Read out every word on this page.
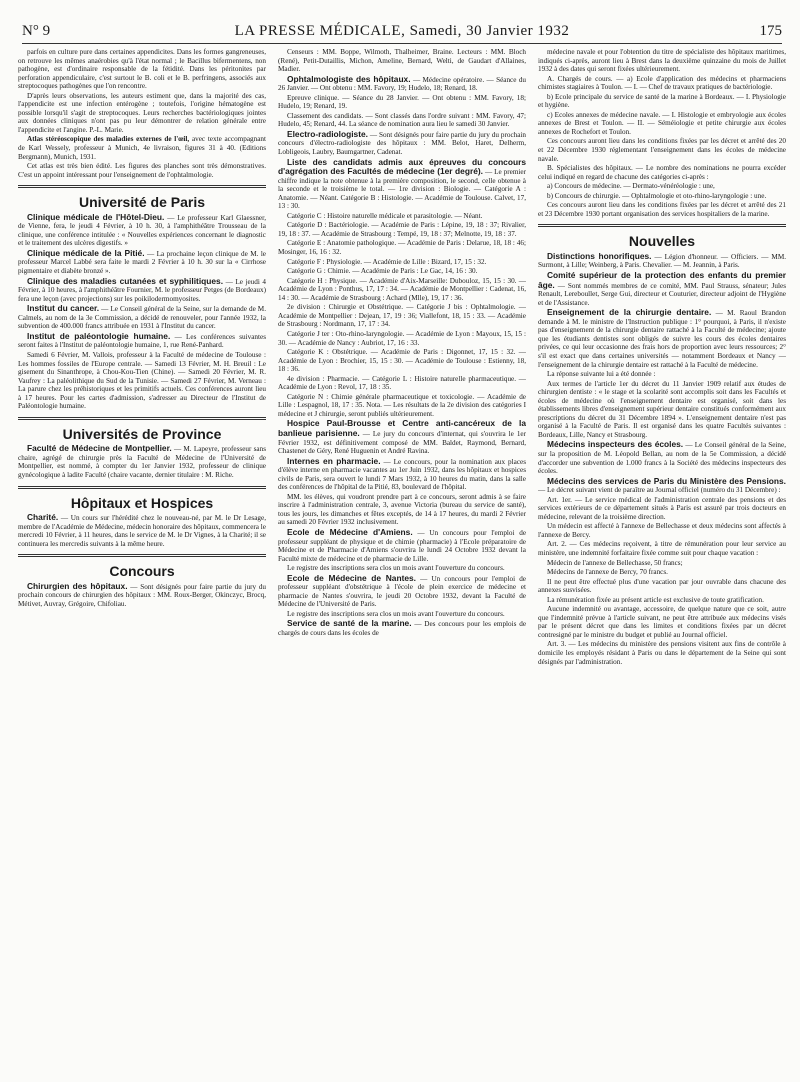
N° 9	LA PRESSE MÉDICALE, Samedi, 30 Janvier 1932	175

parfois en culture pure dans certaines appendicites. Dans les formes gangreneuses, on retrouve les mêmes anaérobies qu'à l'état normal ; le Bacillus bifermentens, non pathogène, est d'ordinaire responsable de la fétidité. Dans les péritonites par perforation appendiculaire, c'est surtout le B. coli et le B. perfringens, associés aux streptocoques pathogènes que l'on rencontre.

D'après leurs observations, les auteurs estiment que, dans la majorité des cas, l'appendicite est une infection entérogène ; toutefois, l'origine hématogène est possible lorsqu'il s'agit de streptocoques. Leurs recherches bactériologiques jointes aux données cliniques n'ont pas pu leur démontrer de relation générale entre l'appendicite et l'angine. P.-L. Marie.

Atlas stéréoscopique des maladies externes de l'œil, avec texte accompagnant de Karl Wessely, professeur à Munich, 4e livraison, figures 31 à 40. (Editions Bergmann), Munich, 1931.

Cet atlas est très bien édité. Les figures des planches sont très démonstratives. C'est un appoint intéressant pour l'enseignement de l'ophtalmologie.

Université de Paris

Clinique médicale de l'Hôtel-Dieu. — Le professeur Karl Glaessner, de Vienne, fera, le jeudi 4 Février, à 10 h. 30, à l'amphithéâtre Trousseau de la clinique, une conférence intitulée : « Nouvelles expériences concernant le diagnostic et le traitement des ulcères digestifs. »

Clinique médicale de la Pitié. — La prochaine leçon clinique de M. le professeur Marcel Labbé sera faite le mardi 2 Février à 10 h. 30 sur la « Cirrhose pigmentaire et diabète bronzé ».

Clinique des maladies cutanées et syphilitiques. — Le jeudi 4 Février, à 10 heures, à l'amphithéâtre Fournier, M. le professeur Petges (de Bordeaux) fera une leçon (avec projections) sur les poikilodermomyosites.

Institut du cancer. — Le Conseil général de la Seine, sur la demande de M. Calmels, au nom de la 3e Commission, a décidé de renouveler, pour l'année 1932, la subvention de 400.000 francs attribuée en 1931 à l'Institut du cancer.

Institut de paléontologie humaine. — Les conférences suivantes seront faites à l'Institut de paléontologie humaine, 1, rue René-Panhard.

Samedi 6 Février, M. Vallois, professeur à la Faculté de médecine de Toulouse : Les hommes fossiles de l'Europe centrale. — Samedi 13 Février, M. H. Breuil : Le gisement du Sinanthrope, à Chou-Kou-Tien (Chine). — Samedi 20 Février, M. R. Vaufrey : La paléolithique du Sud de la Tunisie. — Samedi 27 Février, M. Verneau : La parure chez les préhistoriques et les primitifs actuels. Ces conférences auront lieu à 17 heures. Pour les cartes d'admission, s'adresser au Directeur de l'Institut de Paléontologie humaine.

Universités de Province

Faculté de Médecine de Montpellier. — M. Lapeyre, professeur sans chaire, agrégé de chirurgie près la Faculté de Médecine de l'Université de Montpellier, est nommé, à compter du 1er Janvier 1932, professeur de clinique gynécologique à ladite Faculté (chaire vacante, dernier titulaire : M. Riche.

Hôpitaux et Hospices

Charité. — Un cours sur l'hérédité chez le nouveau-né, par M. le Dr Lesage, membre de l'Académie de Médecine, médecin honoraire des hôpitaux, commencera le mercredi 10 Février, à 11 heures, dans le service de M. le Dr Vignes, à la Charité; il se continuera les mercredis suivants à la même heure.

Concours

Chirurgien des hôpitaux. — Sont désignés pour faire partie du jury du prochain concours de chirurgien des hôpitaux : MM. Roux-Berger, Okinczyc, Brocq, Métivet, Auvray, Grégoire, Chifoliau.

Censeurs : MM. Boppe, Wilmoth, Thalheimer, Braine. Lecteurs : MM. Bloch (René), Petit-Dutaillis, Michon, Ameline, Bernard, Welti, de Gaudart d'Allaines, Madier.

Ophtalmologiste des hôpitaux. — Médecine opératoire. — Séance du 26 Janvier. — Ont obtenu : MM. Favory, 19; Hudelo, 18; Renard, 18.

Epreuve clinique. — Séance du 28 Janvier. — Ont obtenu : MM. Favory, 18; Hudelo, 19; Renard, 19.

Classement des candidats. — Sont classés dans l'ordre suivant : MM. Favory, 47; Hudelo, 45; Renard, 44. La séance de nomination aura lieu le samedi 30 Janvier.

Electro-radiologiste. — Sont désignés pour faire partie du jury du prochain concours d'électro-radiologiste des hôpitaux : MM. Belot, Haret, Delherm, Lobligeois, Laubry, Baumgartner, Cadenat.

Liste des candidats admis aux épreuves du concours d'agrégation des Facultés de médecine (1er degré). — Le premier chiffre indique la note obtenue à la première composition, le second, celle obtenue à la seconde et le troisième le total. — 1re division : Biologie. — Catégorie A : Anatomie. — Néant. Catégorie B : Histologie. — Académie de Toulouse. Calvet, 17, 13 : 30.

Catégorie C : Histoire naturelle médicale et parasitologie. — Néant.

Catégorie D : Bactériologie. — Académie de Paris : Lépine, 19, 18 : 37; Rivalier, 19, 18 : 37. — Académie de Strasbourg : Tempé, 19, 18 : 37; Melnotte, 19, 18 : 37.

Catégorie E : Anatomie pathologique. — Académie de Paris : Delarue, 18, 18 : 46; Mosinger, 16, 16 : 32.

Catégorie F : Physiologie. — Académie de Lille : Bizard, 17, 15 : 32.

Catégorie G : Chimie. — Académie de Paris : Le Gac, 14, 16 : 30.

Catégorie H : Physique. — Académie d'Aix-Marseille: Dubouloz, 15, 15 : 30. — Académie de Lyon : Ponthus, 17, 17 : 34. — Académie de Montpellier : Cadenat, 16, 14 : 30. — Académie de Strasbourg : Achard (Mlle), 19, 17 : 36.

2e division : Chirurgie et Obstétrique. — Catégorie J bis : Ophtalmologie. — Académie de Montpellier : Dejean, 17, 19 : 36; Viallefont, 18, 15 : 33. — Académie de Strasbourg : Nordmann, 17, 17 : 34.

Catégorie J ter : Oto-rhino-laryngologie. — Académie de Lyon : Mayoux, 15, 15 : 30. — Académie de Nancy : Aubriot, 17, 16 : 33.

Catégorie K : Obstétrique. — Académie de Paris : Digonnet, 17, 15 : 32. — Académie de Lyon : Brochier, 15, 15 : 30. — Académie de Toulouse : Estienny, 18, 18 : 36.

4e division : Pharmacie. — Catégorie L : Histoire naturelle pharmaceutique. — Académie de Lyon : Revol, 17, 18 : 35.

Catégorie N : Chimie générale pharmaceutique et toxicologie. — Académie de Lille : Lespagnol, 18, 17 : 35. Nota. — Les résultats de la 2e division des catégories I médecine et J chirurgie, seront publiés ultérieurement.

Hospice Paul-Brousse et Centre anti-cancéreux de la banlieue parisienne. — Le jury du concours d'internat, qui s'ouvrira le 1er Février 1932, est définitivement composé de MM. Baldet, Raymond, Bernard, Chastenet de Géry, René Huguenin et André Ravina.

Internes en pharmacie. — Le concours, pour la nomination aux places d'élève interne en pharmacie vacantes au 1er Juin 1932, dans les hôpitaux et hospices civils de Paris, sera ouvert le lundi 7 Mars 1932, à 10 heures du matin, dans la salle des conférences de l'hôpital de la Pitié, 83, boulevard de l'hôpital.

MM. les élèves, qui voudront prendre part à ce concours, seront admis à se faire inscrire à l'administration centrale, 3, avenue Victoria (bureau du service de santé), tous les jours, les dimanches et fêtes exceptés, de 14 à 17 heures, du mardi 2 Février au samedi 20 Février 1932 inclusivement.

Ecole de Médecine d'Amiens. — Un concours pour l'emploi de professeur suppléant de physique et de chimie (pharmacie) à l'Ecole préparatoire de Médecine et de Pharmacie d'Amiens s'ouvrira le lundi 24 Octobre 1932 devant la Faculté mixte de médecine et de pharmacie de Lille.

Le registre des inscriptions sera clos un mois avant l'ouverture du concours.

Ecole de Médecine de Nantes. — Un concours pour l'emploi de professeur suppléant d'obstétrique à l'école de plein exercice de médecine et pharmacie de Nantes s'ouvrira, le jeudi 20 Octobre 1932, devant la Faculté de Médecine de l'Université de Paris.

Le registre des inscriptions sera clos un mois avant l'ouverture du concours.

Service de santé de la marine. — Des concours pour les emplois de chargés de cours dans les écoles de

médecine navale et pour l'obtention du titre de spécialiste des hôpitaux maritimes, indiqués ci-après, auront lieu à Brest dans la deuxième quinzaine du mois de Juillet 1932 à des dates qui seront fixées ultérieurement.

A. Chargés de cours. — a) Ecole d'application des médecins et pharmaciens chimistes stagiaires à Toulon. — I. — Chef de travaux pratiques de bactériologie.

b) Ecole principale du service de santé de la marine à Bordeaux. — I. Physiologie et hygiène.

c) Ecoles annexes de médecine navale. — I. Histologie et embryologie aux écoles annexes de Brest et Toulon. — II. — Séméiologie et petite chirurgie aux écoles annexes de Rochefort et Toulon.

Ces concours auront lieu dans les conditions fixées par les décret et arrêté des 20 et 22 Décembre 1930 réglementant l'enseignement dans les écoles de médecine navale.

B. Spécialistes des hôpitaux. — Le nombre des nominations ne pourra excéder celui indiqué en regard de chacune des catégories ci-après :

a) Concours de médecine. — Dermato-vénéréologie : une,

b) Concours de chirurgie. — Ophtalmologie et oto-rhino-laryngologie : une.

Ces concours auront lieu dans les conditions fixées par les décret et arrêté des 21 et 23 Décembre 1930 portant organisation des services hospitaliers de la marine.

Nouvelles

Distinctions honorifiques. — Légion d'honneur. — Officiers. — MM. Surmont, à Lille; Weinberg, à Paris. Chevalier. — M. Jeannin, à Paris.

Comité supérieur de la protection des enfants du premier âge. — Sont nommés membres de ce comité, MM. Paul Strauss, sénateur; Jules Renault, Lereboullet, Serge Gui, directeur et Couturier, directeur adjoint de l'Hygiène et de l'Assistance.

Enseignement de la chirurgie dentaire. — M. Raoul Brandon demande à M. le ministre de l'Instruction publique : 1° pourquoi, à Paris, il n'existe pas d'enseignement de la chirurgie dentaire rattaché à la Faculté de médecine; ajoute que les étudiants dentistes sont obligés de suivre les cours des écoles dentaires privées, ce qui leur occasionne des frais hors de proportion avec leurs ressources; 2° s'il est exact que dans certaines universités — notamment Bordeaux et Nancy — l'enseignement de la chirurgie dentaire est rattaché à la Faculté de médecine.

La réponse suivante lui a été donnée :

Aux termes de l'article 1er du décret du 11 Janvier 1909 relatif aux études de chirurgien dentiste : « le stage et la scolarité sont accomplis soit dans les Facultés et écoles de médecine où l'enseignement dentaire est organisé, soit dans les établissements libres d'enseignement supérieur dentaire constitués conformément aux prescriptions du décret du 31 Décembre 1894 ». L'enseignement dentaire n'est pas organisé à la Faculté de Paris. Il est organisé dans les quatre Facultés suivantes : Bordeaux, Lille, Nancy et Strasbourg.

Médecins inspecteurs des écoles. — Le Conseil général de la Seine, sur la proposition de M. Léopold Bellan, au nom de la 5e Commission, a décidé d'accorder une subvention de 1.000 francs à la Société des médecins inspecteurs des écoles.

Médecins des services de Paris du Ministère des Pensions. — Le décret suivant vient de paraître au Journal officiel (numéro du 31 Décembre) :

Art. 1er. — Le service médical de l'administration centrale des pensions et des services extérieurs de ce département situés à Paris est assuré par trois docteurs en médecine, relevant de la troisième direction.

Un médecin est affecté à l'annexe de Bellechasse et deux médecins sont affectés à l'annexe de Bercy.

Art. 2. — Ces médecins reçoivent, à titre de rémunération pour leur service au ministère, une indemnité forfaitaire fixée comme suit pour chaque vacation :

Médecin de l'annexe de Bellechasse, 50 francs;

Médecins de l'annexe de Bercy, 70 francs.

Il ne peut être effectué plus d'une vacation par jour ouvrable dans chacune des annexes susvisées.

La rémunération fixée au présent article est exclusive de toute gratification.

Aucune indemnité ou avantage, accessoire, de quelque nature que ce soit, autre que l'indemnité prévue à l'article suivant, ne peut être attribuée aux médecins visés par le présent décret que dans les limites et conditions fixées par un décret contresigné par le ministre du budget et publié au Journal officiel.

Art. 3. — Les médecins du ministère des pensions visitent aux fins de contrôle à domicile les employés résidant à Paris ou dans le département de la Seine qui sont désignés par l'administration.
